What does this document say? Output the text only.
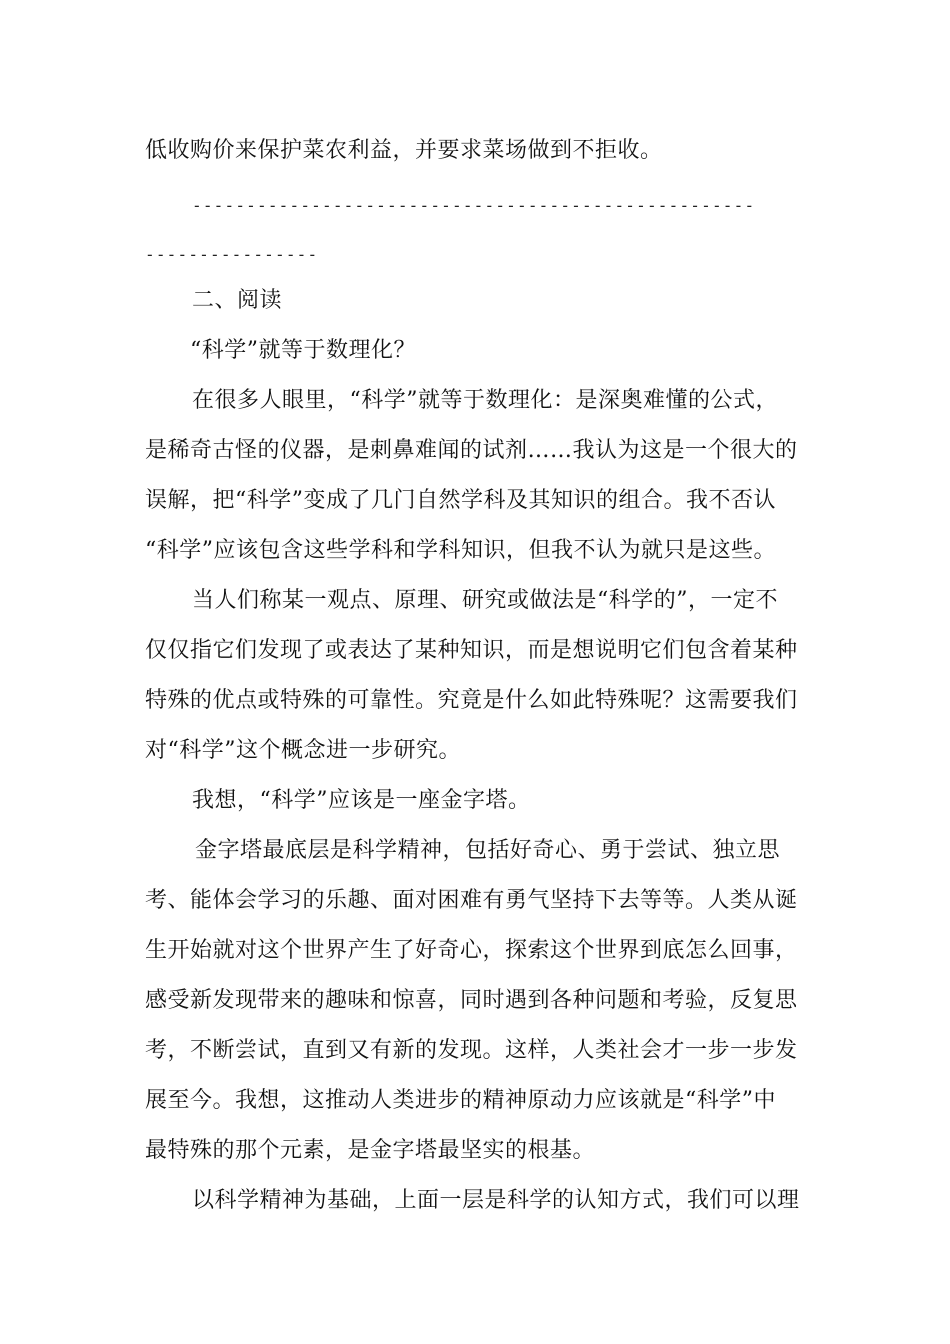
低收购价来保护菜农利益，并要求菜场做到不拒收。
----------------------------------------------------
----------------
二、阅读
“科学”就等于数理化？
在很多人眼里，“科学”就等于数理化：是深奥难懂的公式，
是稀奇古怪的仪器，是刺鼻难闻的试剂……我认为这是一个很大的
误解，把“科学”变成了几门自然学科及其知识的组合。我不否认
“科学”应该包含这些学科和学科知识，但我不认为就只是这些。
当人们称某一观点、原理、研究或做法是“科学的”，一定不
仅仅指它们发现了或表达了某种知识，而是想说明它们包含着某种
特殊的优点或特殊的可靠性。究竟是什么如此特殊呢？这需要我们
对“科学”这个概念进一步研究。
我想，“科学”应该是一座金字塔。
金字塔最底层是科学精神，包括好奇心、勇于尝试、独立思
考、能体会学习的乐趣、面对困难有勇气坚持下去等等。人类从诞
生开始就对这个世界产生了好奇心，探索这个世界到底怎么回事，
感受新发现带来的趣味和惊喜，同时遇到各种问题和考验，反复思
考，不断尝试，直到又有新的发现。这样，人类社会才一步一步发
展至今。我想，这推动人类进步的精神原动力应该就是“科学”中
最特殊的那个元素，是金字塔最坚实的根基。
以科学精神为基础，上面一层是科学的认知方式，我们可以理
